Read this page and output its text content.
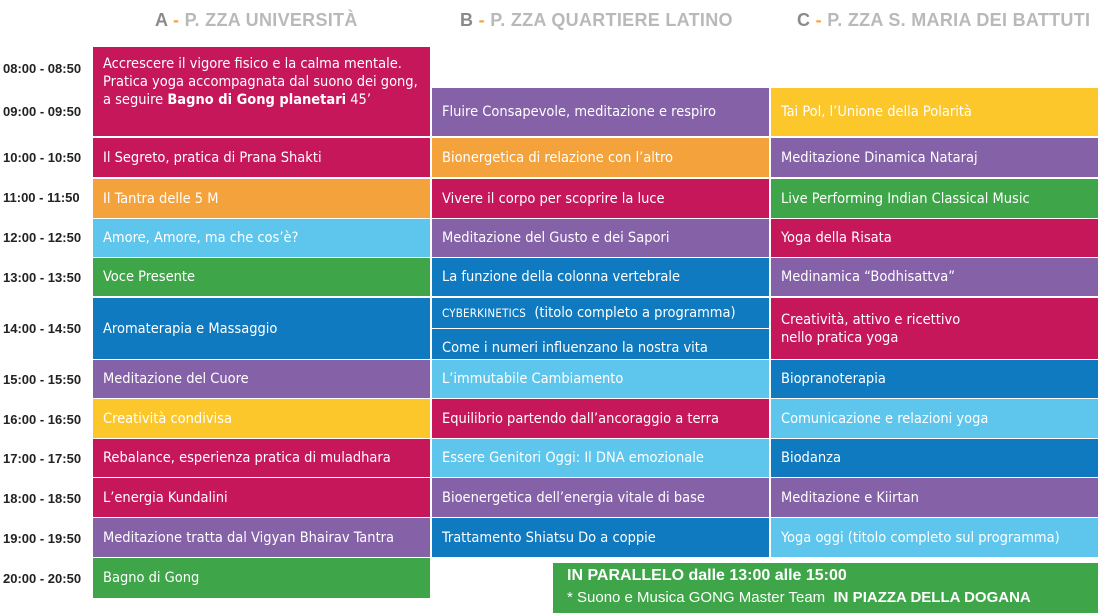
A - P. ZZA UNIVERSITÀ	B - P. ZZA QUARTIERE LATINO	C - P. ZZA S. MARIA DEI BATTUTI
08:00 - 08:50
09:00 - 09:50
10:00 - 10:50
11:00 - 11:50
12:00 - 12:50
13:00 - 13:50
14:00 - 14:50
15:00 - 15:50
16:00 - 16:50
17:00 - 17:50
18:00 - 18:50
19:00 - 19:50
20:00 - 20:50
Accrescere il vigore fisico e la calma mentale. Pratica yoga accompagnata dal suono dei gong, a seguire Bagno di Gong planetari 45’
Il Segreto, pratica di Prana Shakti
Il Tantra delle 5 M
Amore, Amore, ma che cos’è?
Voce Presente
Aromaterapia e Massaggio
Meditazione del Cuore
Creatività condivisa
Rebalance, esperienza pratica di muladhara
L’energia Kundalini
Meditazione tratta dal Vigyan Bhairav Tantra
Bagno di Gong
Fluire Consapevole, meditazione e respiro
Bionergetica di relazione con l’altro
Vivere il corpo per scoprire la luce
Meditazione del Gusto e dei Sapori
La funzione della colonna vertebrale
CYBERKINETICS  (titolo completo a programma)
Come i numeri influenzano la nostra vita
L’immutabile Cambiamento
Equilibrio partendo dall’ancoraggio a terra
Essere Genitori Oggi: Il DNA emozionale
Bioenergetica dell’energia vitale di base
Trattamento Shiatsu Do a coppie
Tai Pol, l’Unione della Polarità
Meditazione Dinamica Nataraj
Live Performing Indian Classical Music
Yoga della Risata
Medinamica “Bodhisattva”
Creatività, attivo e ricettivo nello pratica yoga
Biopranoterapia
Comunicazione e relazioni yoga
Biodanza
Meditazione e Kiirtan
Yoga oggi (titolo completo sul programma)
IN PARALLELO dalle 13:00 alle 15:00
* Suono e Musica GONG Master Team IN PIAZZA DELLA DOGANA
